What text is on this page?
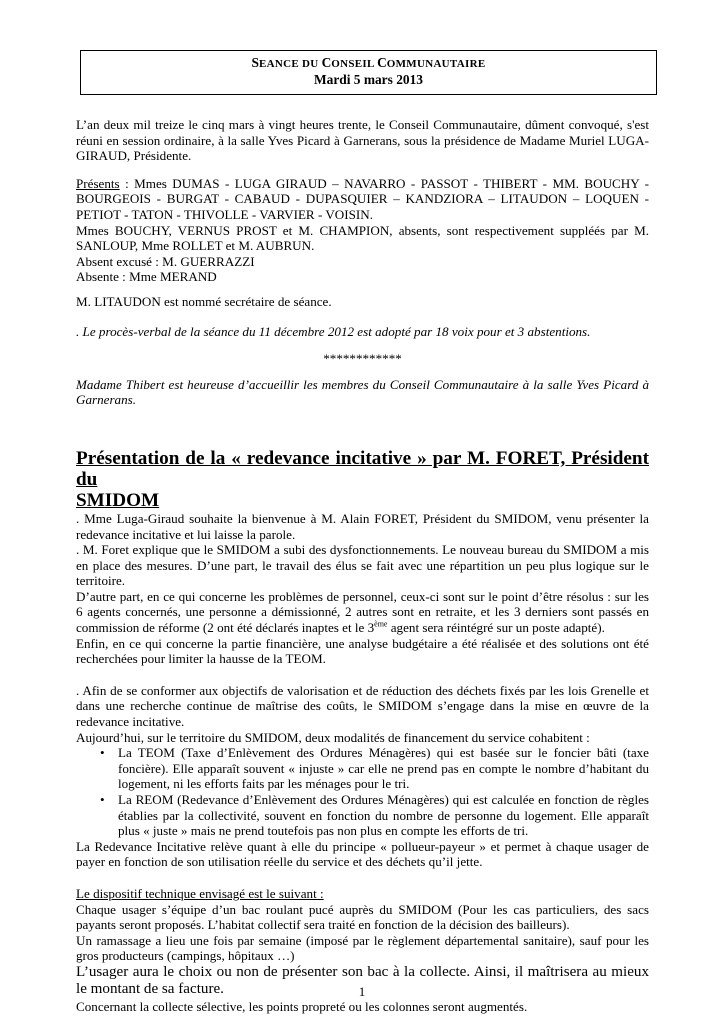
SEANCE DU CONSEIL COMMUNAUTAIRE
Mardi 5 mars 2013

L’an deux mil treize le cinq mars à vingt heures trente, le Conseil Communautaire, dûment convoqué, s'est réuni en session ordinaire, à la salle Yves Picard à Garnerans, sous la présidence de Madame Muriel LUGA-GIRAUD, Présidente.

Présents : Mmes DUMAS - LUGA GIRAUD – NAVARRO - PASSOT - THIBERT - MM. BOUCHY - BOURGEOIS - BURGAT - CABAUD - DUPASQUIER – KANDZIORA – LITAUDON – LOQUEN - PETIOT - TATON - THIVOLLE - VARVIER - VOISIN.

Mmes BOUCHY, VERNUS PROST et M. CHAMPION, absents, sont respectivement suppléés par M. SANLOUP, Mme ROLLET et M. AUBRUN.

Absent excusé : M. GUERRAZZI

Absente : Mme MERAND

M. LITAUDON est nommé secrétaire de séance.

. Le procès-verbal de la séance du 11 décembre 2012 est adopté par 18 voix pour et 3 abstentions.

************

Madame Thibert est heureuse d’accueillir les membres du Conseil Communautaire à la salle Yves Picard à Garnerans.

Présentation de la « redevance incitative » par M. FORET, Président du
SMIDOM

. Mme Luga-Giraud souhaite la bienvenue à M. Alain FORET, Président du SMIDOM, venu présenter la redevance incitative et lui laisse la parole.

. M. Foret explique que le SMIDOM a subi des dysfonctionnements. Le nouveau bureau du SMIDOM a mis en place des mesures. D’une part, le travail des élus se fait avec une répartition un peu plus logique sur le territoire.

D’autre part, en ce qui concerne les problèmes de personnel, ceux-ci sont sur le point d’être résolus : sur les 6 agents concernés, une personne a démissionné, 2 autres sont en retraite, et les 3 derniers sont passés en commission de réforme (2 ont été déclarés inaptes et le 3ème agent sera réintégré sur un poste adapté).

Enfin, en ce qui concerne la partie financière, une analyse budgétaire a été réalisée et des solutions ont été recherchées pour limiter la hausse de la TEOM.

. Afin de se conformer aux objectifs de valorisation et de réduction des déchets fixés par les lois Grenelle et dans une recherche continue de maîtrise des coûts, le SMIDOM s’engage dans la mise en œuvre de la redevance incitative.

Aujourd’hui, sur le territoire du SMIDOM, deux modalités de financement du service cohabitent :

• La TEOM (Taxe d’Enlèvement des Ordures Ménagères) qui est basée sur le foncier bâti (taxe foncière). Elle apparaît souvent « injuste » car elle ne prend pas en compte le nombre d’habitant du logement, ni les efforts faits par les ménages pour le tri.
• La REOM (Redevance d’Enlèvement des Ordures Ménagères) qui est calculée en fonction de règles établies par la collectivité, souvent en fonction du nombre de personne du logement. Elle apparaît plus « juste » mais ne prend toutefois pas non plus en compte les efforts de tri.

La Redevance Incitative relève quant à elle du principe « pollueur-payeur » et permet à chaque usager de payer en fonction de son utilisation réelle du service et des déchets qu’il jette.

Le dispositif technique envisagé est le suivant :

Chaque usager s’équipe d’un bac roulant pucé auprès du SMIDOM (Pour les cas particuliers, des sacs payants seront proposés. L’habitat collectif sera traité en fonction de la décision des bailleurs).

Un ramassage a lieu une fois par semaine (imposé par le règlement départemental sanitaire), sauf pour les gros producteurs (campings, hôpitaux …)

L’usager aura le choix ou non de présenter son bac à la collecte. Ainsi, il maîtrisera au mieux le montant de sa facture.

Concernant la collecte sélective, les points propreté ou les colonnes seront augmentés.

1
